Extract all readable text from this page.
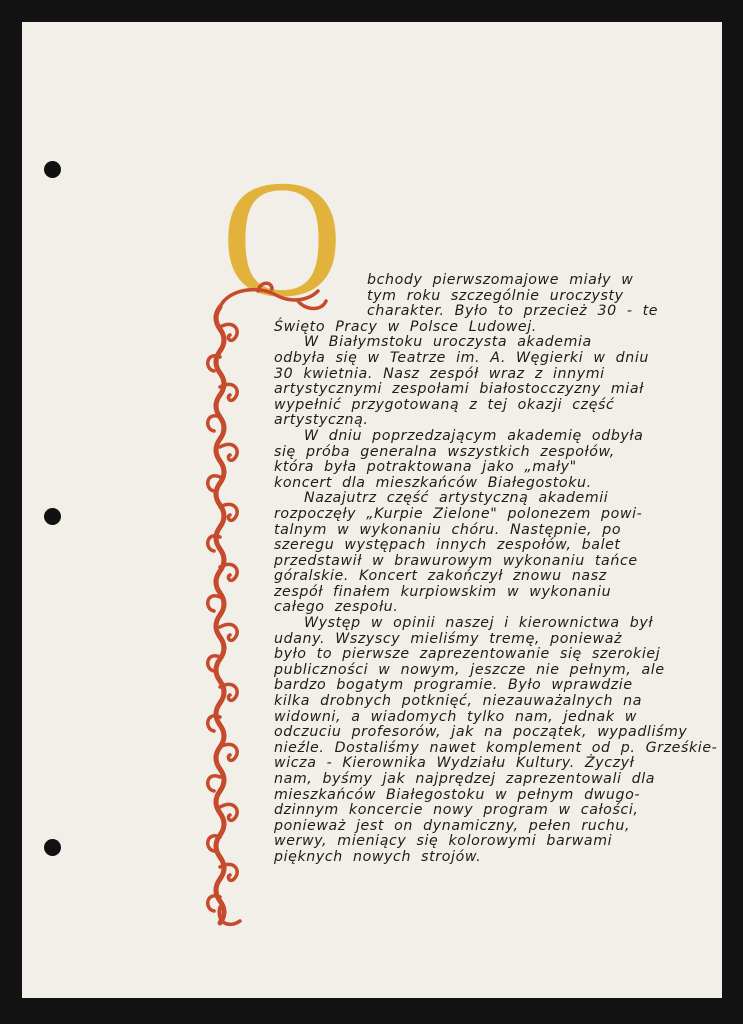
O	bchody pierwszomajowe miały w
tym roku szczególnie uroczysty
charakter. Było to przecież 30 - te
Święto Pracy w Polsce Ludowej.
W Białymstoku uroczysta akademia
odbyła się w Teatrze im. A. Węgierki w dniu
30 kwietnia. Nasz zespół wraz z innymi
artystycznymi zespołami białostocczyzny miał
wypełnić przygotowaną z tej okazji część
artystyczną.
W dniu poprzedzającym akademię odbyła
się próba generalna wszystkich zespołów,
która była potraktowana jako „mały"
koncert dla mieszkańców Białegostoku.
Nazajutrz część artystyczną akademii
rozpoczęły „Kurpie Zielone" polonezem powi-
talnym w wykonaniu chóru. Następnie, po
szeregu występach innych zespołów, balet
przedstawił w brawurowym wykonaniu tańce
góralskie. Koncert zakończył znowu nasz
zespół finałem kurpiowskim w wykonaniu
całego zespołu.
Występ w opinii naszej i kierownictwa był
udany. Wszyscy mieliśmy tremę, ponieważ
było to pierwsze zaprezentowanie się szerokiej
publiczności w nowym, jeszcze nie pełnym, ale
bardzo bogatym programie. Było wprawdzie
kilka drobnych potknięć, niezauważalnych na
widowni, a wiadomych tylko nam, jednak w
odczuciu profesorów, jak na początek, wypadliśmy
nieźle. Dostaliśmy nawet komplement od p. Grześkie-
wicza - Kierownika Wydziału Kultury. Życzył
nam, byśmy jak najprędzej zaprezentowali dla
mieszkańców Białegostoku w pełnym dwugo-
dzinnym koncercie nowy program w całości,
ponieważ jest on dynamiczny, pełen ruchu,
werwy, mieniący się kolorowymi barwami
pięknych nowych strojów.
